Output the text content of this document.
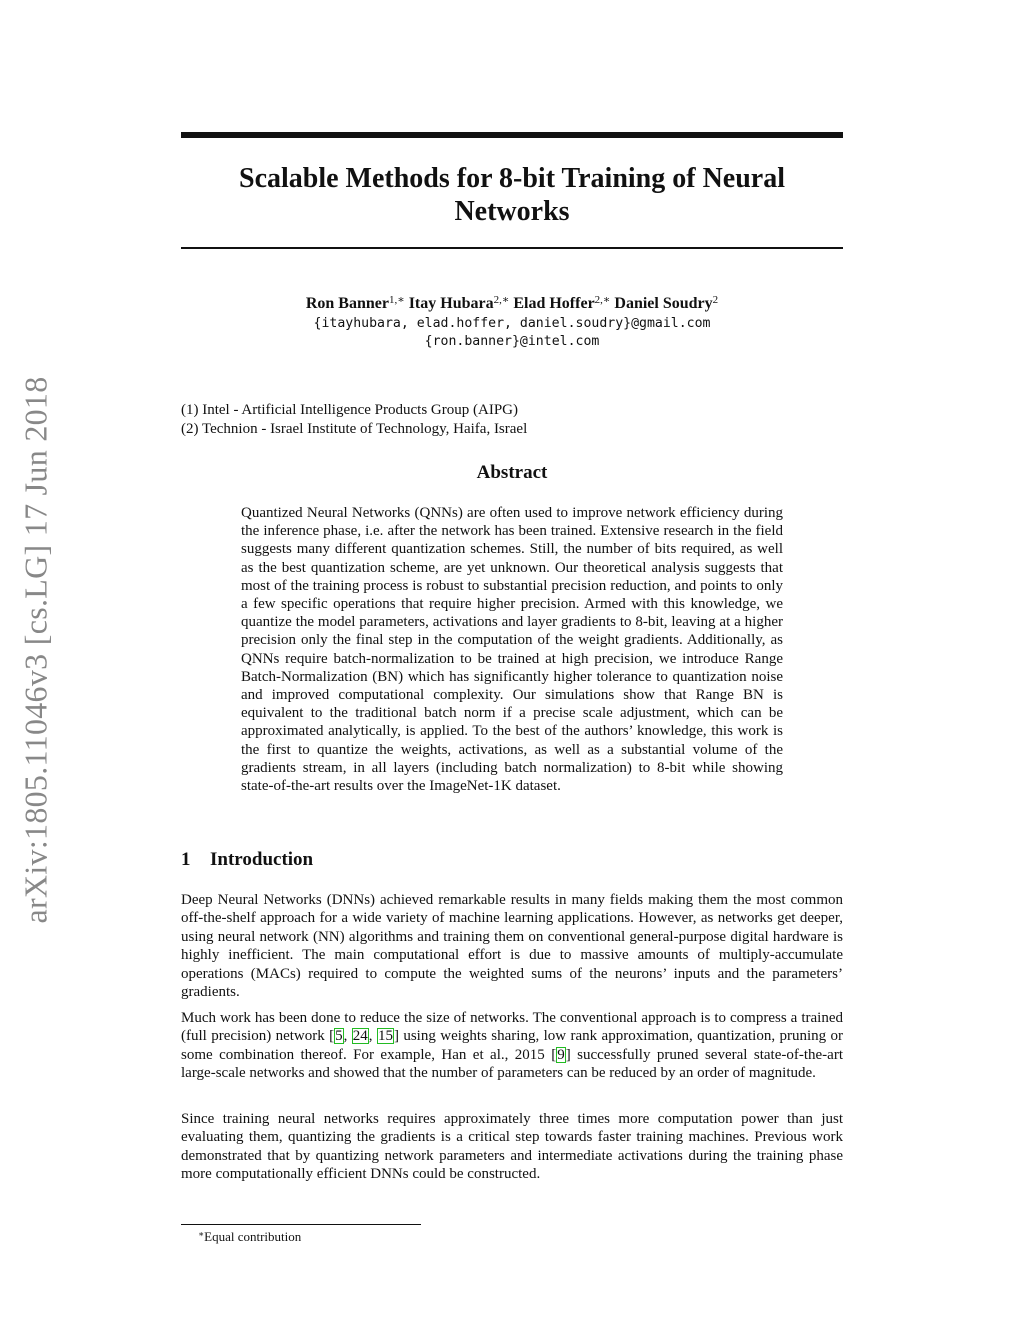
arXiv:1805.11046v3 [cs.LG] 17 Jun 2018
Scalable Methods for 8-bit Training of Neural Networks
Ron Banner$^{1,∗}$ Itay Hubara$^{2,∗}$ Elad Hoffer$^{2,∗}$ Daniel Soudry$^2$
{itayhubara, elad.hoffer, daniel.soudry}@gmail.com
{ron.banner}@intel.com
(1) Intel - Artificial Intelligence Products Group (AIPG)
(2) Technion - Israel Institute of Technology, Haifa, Israel
Abstract
Quantized Neural Networks (QNNs) are often used to improve network efficiency during the inference phase, i.e. after the network has been trained. Extensive research in the field suggests many different quantization schemes. Still, the number of bits required, as well as the best quantization scheme, are yet unknown. Our theoretical analysis suggests that most of the training process is robust to substantial precision reduction, and points to only a few specific operations that require higher precision. Armed with this knowledge, we quantize the model parameters, activations and layer gradients to 8-bit, leaving at a higher precision only the final step in the computation of the weight gradients. Additionally, as QNNs require batch-normalization to be trained at high precision, we introduce Range Batch-Normalization (BN) which has significantly higher tolerance to quantization noise and improved computational complexity. Our simulations show that Range BN is equivalent to the traditional batch norm if a precise scale adjustment, which can be approximated analytically, is applied. To the best of the authors’ knowledge, this work is the first to quantize the weights, activations, as well as a substantial volume of the gradients stream, in all layers (including batch normalization) to 8-bit while showing state-of-the-art results over the ImageNet-1K dataset.
1 Introduction
Deep Neural Networks (DNNs) achieved remarkable results in many fields making them the most common off-the-shelf approach for a wide variety of machine learning applications. However, as networks get deeper, using neural network (NN) algorithms and training them on conventional general-purpose digital hardware is highly inefficient. The main computational effort is due to massive amounts of multiply-accumulate operations (MACs) required to compute the weighted sums of the neurons’ inputs and the parameters’ gradients.
Much work has been done to reduce the size of networks. The conventional approach is to compress a trained (full precision) network [5, 24, 15] using weights sharing, low rank approximation, quantization, pruning or some combination thereof. For example, Han et al., 2015 [9] successfully pruned several state-of-the-art large-scale networks and showed that the number of parameters can be reduced by an order of magnitude.
Since training neural networks requires approximately three times more computation power than just evaluating them, quantizing the gradients is a critical step towards faster training machines. Previous work demonstrated that by quantizing network parameters and intermediate activations during the training phase more computationally efficient DNNs could be constructed.
∗Equal contribution
